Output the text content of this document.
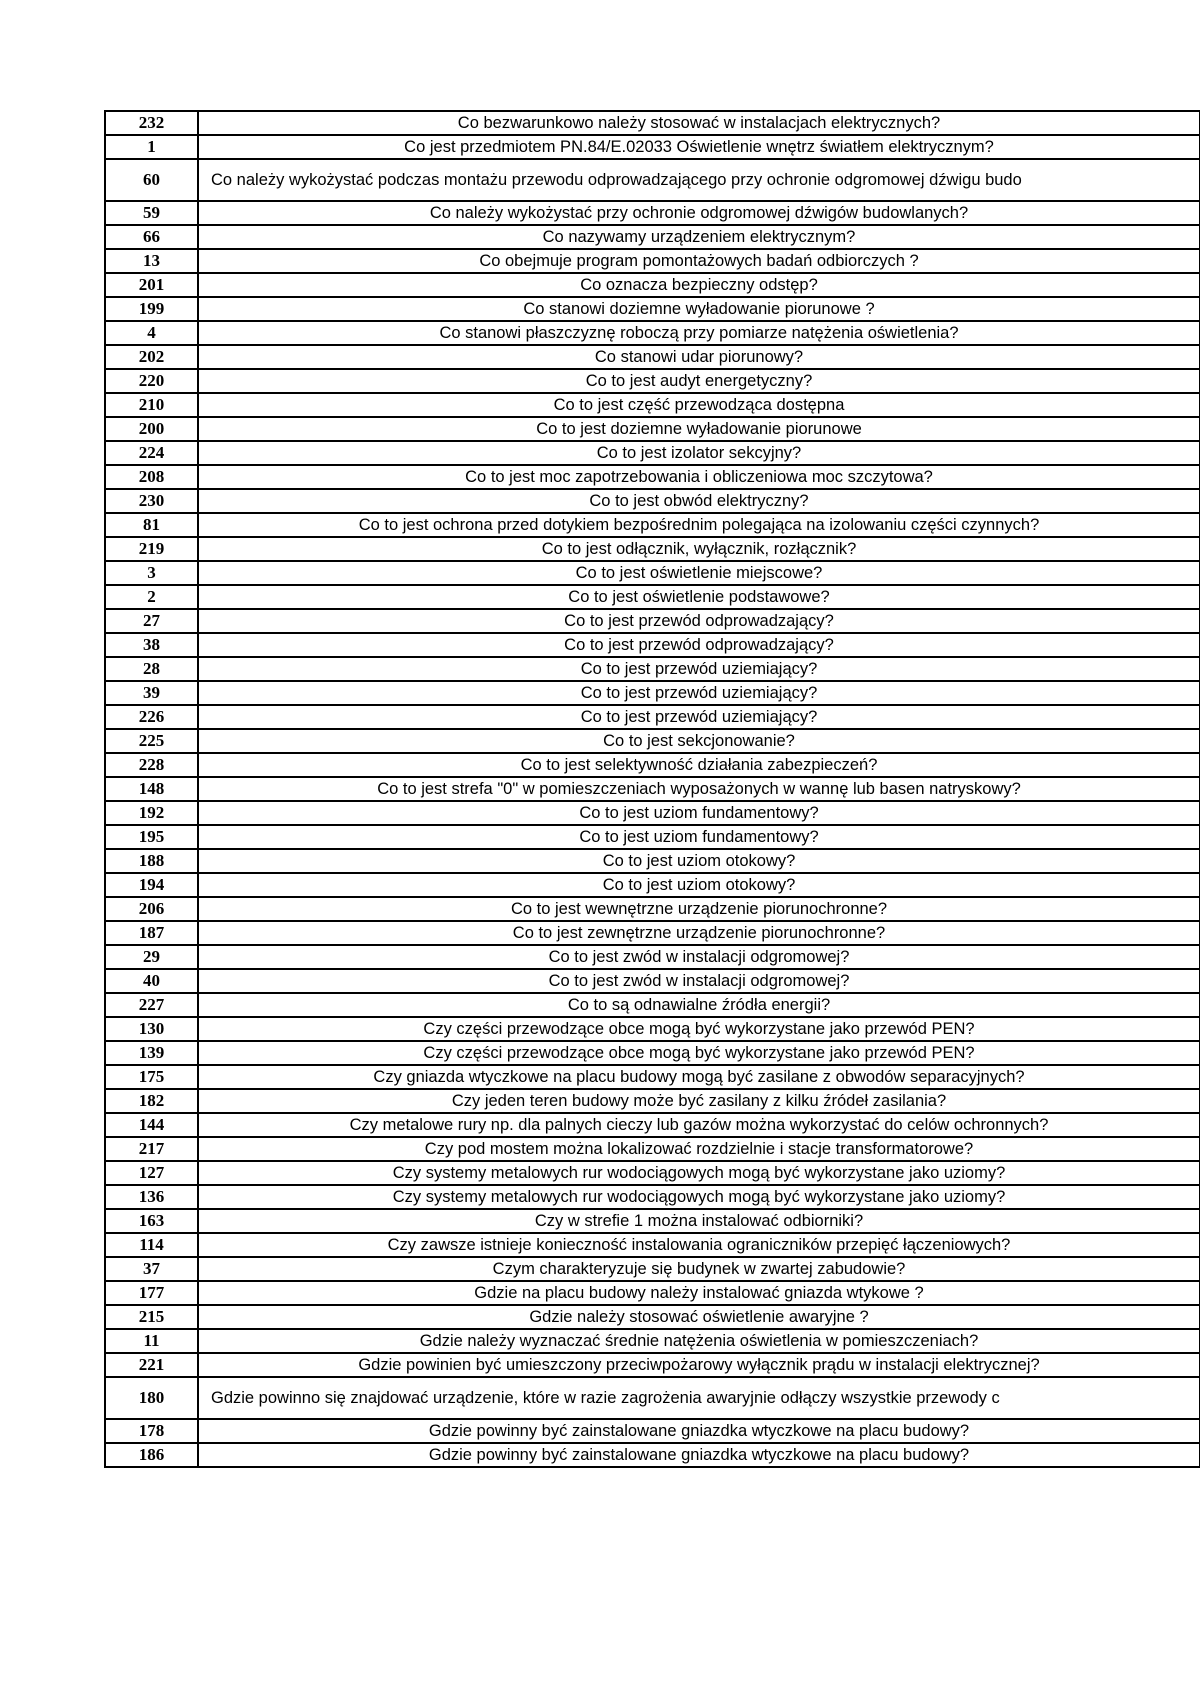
232	Co bezwarunkowo należy stosować w instalacjach elektrycznych?
1	Co jest przedmiotem PN.84/E.02033 Oświetlenie wnętrz światłem elektrycznym?
60	Co należy wykożystać podczas montażu przewodu odprowadzającego przy ochronie odgromowej dźwigu budo
59	Co należy wykożystać przy ochronie odgromowej dźwigów budowlanych?
66	Co nazywamy urządzeniem elektrycznym?
13	Co obejmuje program pomontażowych badań odbiorczych ?
201	Co oznacza bezpieczny odstęp?
199	Co stanowi doziemne wyładowanie piorunowe ?
4	Co stanowi płaszczyznę roboczą przy pomiarze natężenia oświetlenia?
202	Co stanowi udar piorunowy?
220	Co to jest audyt energetyczny?
210	Co to jest część przewodząca dostępna
200	Co to jest doziemne wyładowanie piorunowe
224	Co to jest izolator sekcyjny?
208	Co to jest moc zapotrzebowania i obliczeniowa moc szczytowa?
230	Co to jest obwód elektryczny?
81	Co to jest ochrona przed dotykiem bezpośrednim polegająca na izolowaniu części czynnych?
219	Co to jest odłącznik, wyłącznik, rozłącznik?
3	Co to jest oświetlenie miejscowe?
2	Co to jest oświetlenie podstawowe?
27	Co to jest przewód odprowadzający?
38	Co to jest przewód odprowadzający?
28	Co to jest przewód uziemiający?
39	Co to jest przewód uziemiający?
226	Co to jest przewód uziemiający?
225	Co to jest sekcjonowanie?
228	Co to jest selektywność działania zabezpieczeń?
148	Co to jest strefa "0" w pomieszczeniach wyposażonych w wannę lub basen natryskowy?
192	Co to jest uziom fundamentowy?
195	Co to jest uziom fundamentowy?
188	Co to jest uziom otokowy?
194	Co to jest uziom otokowy?
206	Co to jest wewnętrzne urządzenie piorunochronne?
187	Co to jest zewnętrzne urządzenie piorunochronne?
29	Co to jest zwód w instalacji odgromowej?
40	Co to jest zwód w instalacji odgromowej?
227	Co to są odnawialne źródła energii?
130	Czy części przewodzące obce mogą być wykorzystane jako przewód PEN?
139	Czy części przewodzące obce mogą być wykorzystane jako przewód PEN?
175	Czy gniazda wtyczkowe na placu budowy mogą być zasilane z obwodów separacyjnych?
182	Czy jeden teren budowy może być zasilany z kilku źródeł zasilania?
144	Czy metalowe rury np. dla palnych cieczy lub gazów można wykorzystać do celów ochronnych?
217	Czy pod mostem można lokalizować rozdzielnie i stacje transformatorowe?
127	Czy systemy metalowych rur wodociągowych mogą być wykorzystane jako uziomy?
136	Czy systemy metalowych rur wodociągowych mogą być wykorzystane jako uziomy?
163	Czy w strefie 1 można instalować odbiorniki?
114	Czy zawsze istnieje konieczność instalowania ograniczników przepięć łączeniowych?
37	Czym charakteryzuje się budynek w zwartej zabudowie?
177	Gdzie na placu budowy należy instalować gniazda wtykowe ?
215	Gdzie należy stosować oświetlenie awaryjne ?
11	Gdzie należy wyznaczać średnie natężenia oświetlenia w pomieszczeniach?
221	Gdzie powinien być umieszczony przeciwpożarowy wyłącznik prądu w instalacji elektrycznej?
180	Gdzie powinno się znajdować urządzenie, które w razie zagrożenia awaryjnie odłączy wszystkie przewody c
178	Gdzie powinny być zainstalowane gniazdka wtyczkowe na placu budowy?
186	Gdzie powinny być zainstalowane gniazdka wtyczkowe na placu budowy?
